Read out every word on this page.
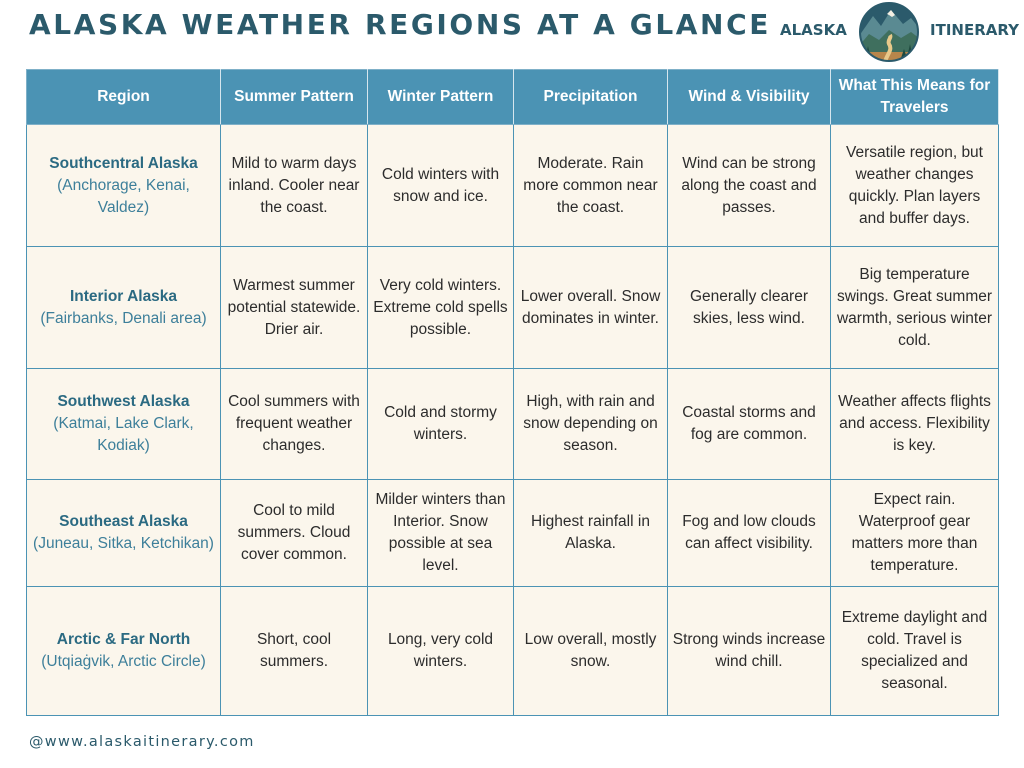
ALASKA WEATHER REGIONS AT A GLANCE ALASKA	ITINERARY
Region	Summer Pattern	Winter Pattern	Precipitation	Wind & Visibility	What This Means for Travelers

Southcentral Alaska
(Anchorage, Kenai, Valdez)	Mild to warm days inland. Cooler near the coast.	Cold winters with snow and ice.	Moderate. Rain more common near the coast.	Wind can be strong along the coast and passes.	Versatile region, but weather changes quickly. Plan layers and buffer days.

Interior Alaska
(Fairbanks, Denali area)	Warmest summer potential statewide. Drier air.	Very cold winters. Extreme cold spells possible.	Lower overall. Snow dominates in winter.	Generally clearer skies, less wind.	Big temperature swings. Great summer warmth, serious winter cold.

Southwest Alaska
(Katmai, Lake Clark, Kodiak)	Cool summers with frequent weather changes.	Cold and stormy winters.	High, with rain and snow depending on season.	Coastal storms and fog are common.	Weather affects flights and access. Flexibility is key.

Southeast Alaska
(Juneau, Sitka, Ketchikan)	Cool to mild summers. Cloud cover common.	Milder winters than Interior. Snow possible at sea level.	Highest rainfall in Alaska.	Fog and low clouds can affect visibility.	Expect rain. Waterproof gear matters more than temperature.

Arctic & Far North
(Utqiaġvik, Arctic Circle)	Short, cool summers.	Long, very cold winters.	Low overall, mostly snow.	Strong winds increase wind chill.	Extreme daylight and cold. Travel is specialized and seasonal.
@www.alaskaitinerary.com
